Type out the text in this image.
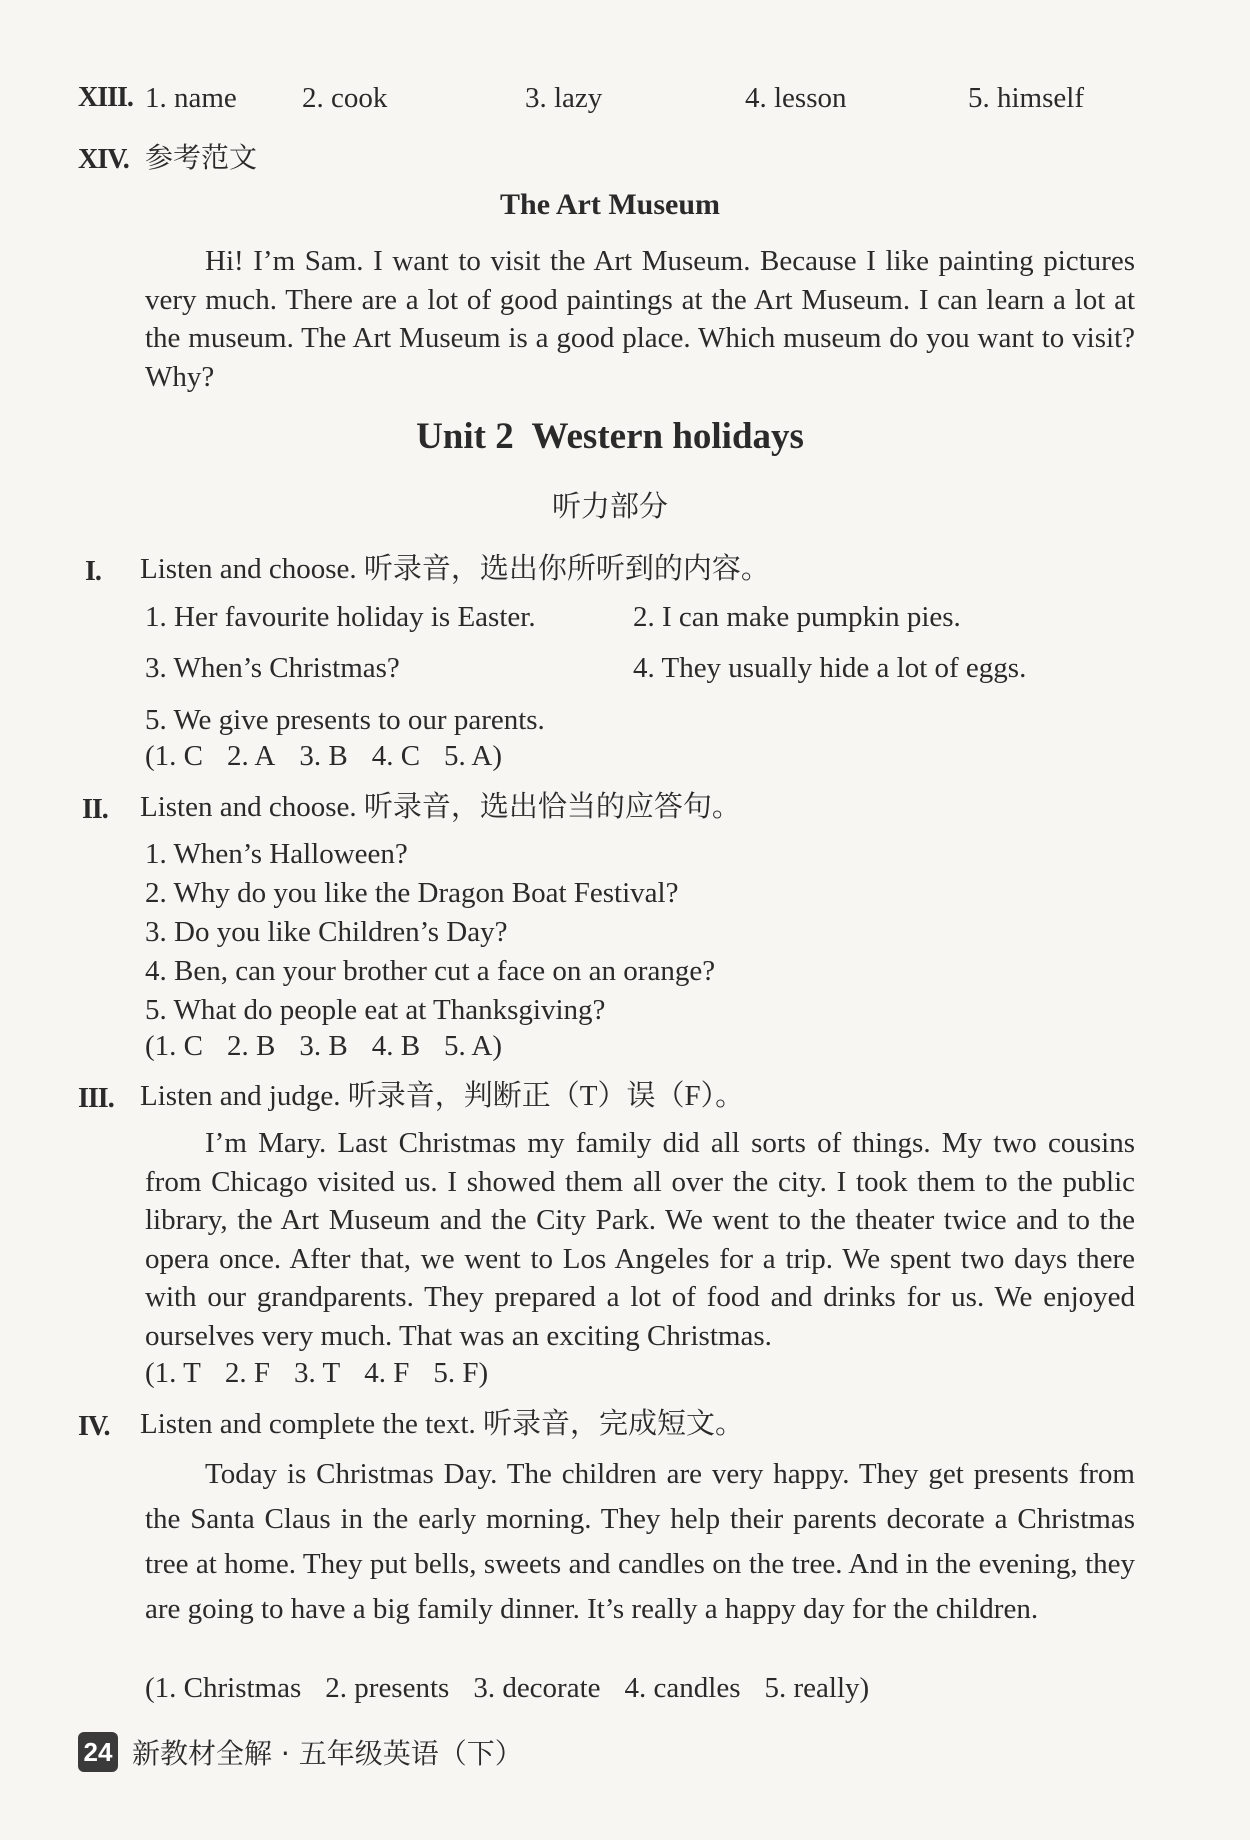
XIII. 1. name 2. cook	3. lazy	4. lesson	5. himself
XIV. 参考范文
The Art Museum
Hi! I’m Sam. I want to visit the Art Museum. Because I like painting pictures very much. There are a lot of good paintings at the Art Museum. I can learn a lot at the museum. The Art Museum is a good place. Which museum do you want to visit? Why?
Unit 2  Western holidays
听力部分
I. Listen and choose. 听录音，选出你所听到的内容。
1. Her favourite holiday is Easter.	2. I can make pumpkin pies.
3. When’s Christmas?	4. They usually hide a lot of eggs.
5. We give presents to our parents.
(1. C 2. A 3. B 4. C 5. A)
II. Listen and choose. 听录音，选出恰当的应答句。
1. When’s Halloween?
2. Why do you like the Dragon Boat Festival?
3. Do you like Children’s Day?
4. Ben, can your brother cut a face on an orange?
5. What do people eat at Thanksgiving?
(1. C 2. B 3. B 4. B 5. A)
III. Listen and judge. 听录音，判断正（T）误（F）。
I’m Mary. Last Christmas my family did all sorts of things. My two cousins from Chicago visited us. I showed them all over the city. I took them to the public library, the Art Museum and the City Park. We went to the theater twice and to the opera once. After that, we went to Los Angeles for a trip. We spent two days there with our grandparents. They prepared a lot of food and drinks for us. We enjoyed ourselves very much. That was an exciting Christmas.
(1. T 2. F 3. T 4. F 5. F)
IV. Listen and complete the text. 听录音，完成短文。
Today is Christmas Day. The children are very happy. They get presents from the Santa Claus in the early morning. They help their parents decorate a Christmas tree at home. They put bells, sweets and candles on the tree. And in the evening, they are going to have a big family dinner. It’s really a happy day for the children.
(1. Christmas 2. presents 3. decorate 4. candles 5. really)
24 新教材全解 · 五年级英语（下）
